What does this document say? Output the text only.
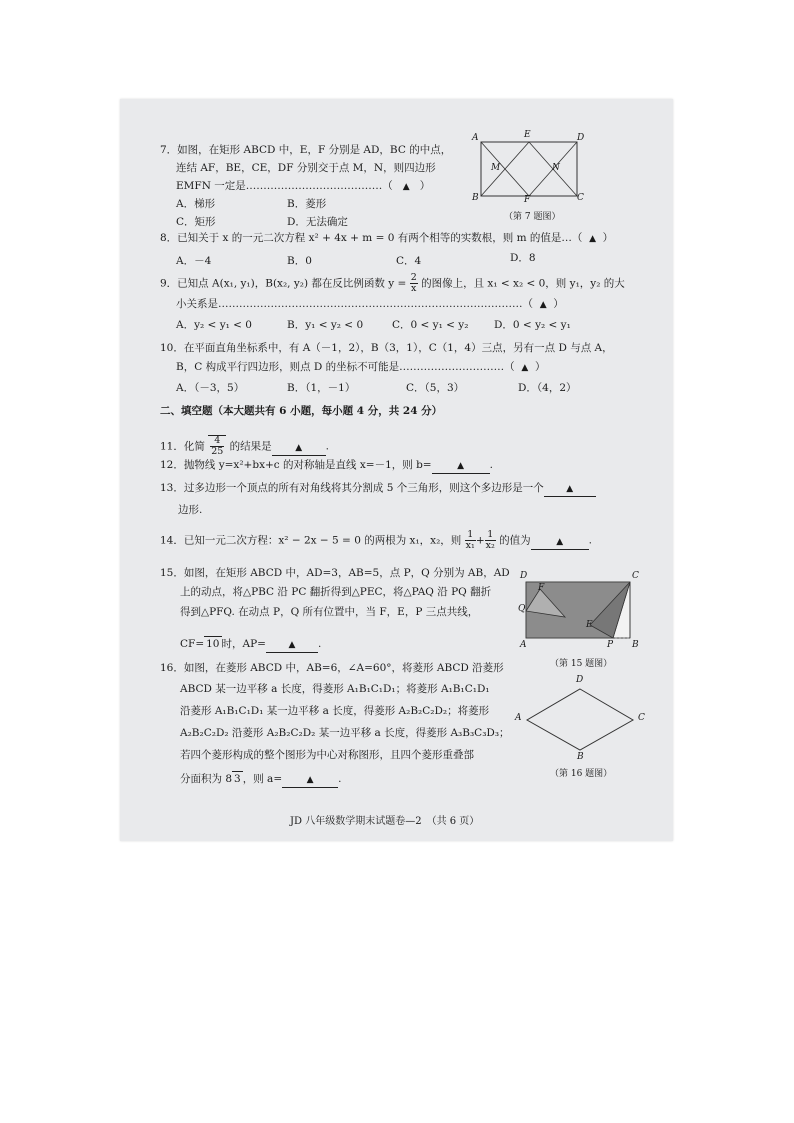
7．如图，在矩形 ABCD 中，E，F 分别是 AD，BC 的中点，
连结 AF，BE，CE，DF 分别交于点 M，N，则四边形
EMFN 一定是…………………………………（ ▲ ）
A．梯形	B．菱形
C．矩形	D．无法确定
A	E	D
M	N
B	F	C
（第 7 题图）
8．已知关于 x 的一元二次方程 x² + 4x + m = 0 有两个相等的实数根，则 m 的值是…（ ▲ ）
A．－4	B．0	C．4	D．8
9．已知点 A(x₁, y₁)，B(x₂, y₂) 都在反比例函数 $y = \frac{2}{x}$ 的图像上，且 x₁ < x₂ < 0，则 y₁，y₂ 的大
小关系是……………………………………………………………………………（ ▲ ）
A．y₂ < y₁ < 0	B．y₁ < y₂ < 0	C．0 < y₁ < y₂ D．0 < y₂ < y₁
10．在平面直角坐标系中，有 A（－1，2），B（3，1），C（1，4）三点，另有一点 D 与点 A，
B，C 构成平行四边形，则点 D 的坐标不可能是…………………………（ ▲ ）
A．（－3，5）	B．（1，－1）	C．（5，3）	D．（4，2）
二、填空题（本大题共有 6 小题，每小题 4 分，共 24 分）
11．化简 $\frac{4}{25}$ 的结果是	▲ .
12．抛物线 y=x²+bx+c 的对称轴是直线 x=－1，则 b=	▲ .
13．过多边形一个顶点的所有对角线将其分割成 5 个三角形，则这个多边形是一个	▲
边形.
14．已知一元二次方程：x² − 2x − 5 = 0 的两根为 x₁，x₂，则 $\frac{1}{\text{x₁}} + \frac{1}{\text{x₂}}$ 的值为	▲ .
15．如图，在矩形 ABCD 中，AD=3，AB=5，点 P，Q 分别为 AB，AD
上的动点，将△PBC 沿 PC 翻折得到△PEC，将△PAQ 沿 PQ 翻折
得到△PFQ. 在动点 P，Q 所有位置中，当 F，E，P 三点共线，
CF= 10 时，AP=	▲ .
D	C
F
Q
E
A	P B
（第 15 题图）
16．如图，在菱形 ABCD 中，AB=6，∠A=60°，将菱形 ABCD 沿菱形
ABCD 某一边平移 a 长度，得菱形 A₁B₁C₁D₁；将菱形 A₁B₁C₁D₁
沿菱形 A₁B₁C₁D₁ 某一边平移 a 长度，得菱形 A₂B₂C₂D₂；将菱形
A₂B₂C₂D₂ 沿菱形 A₂B₂C₂D₂ 某一边平移 a 长度，得菱形 A₃B₃C₃D₃；
若四个菱形构成的整个图形为中心对称图形，且四个菱形重叠部
分面积为 8 3 ，则 a=	▲ .
D
A	C
B
（第 16 题图）
JD 八年级数学期末试题卷—2　（共 6 页）
